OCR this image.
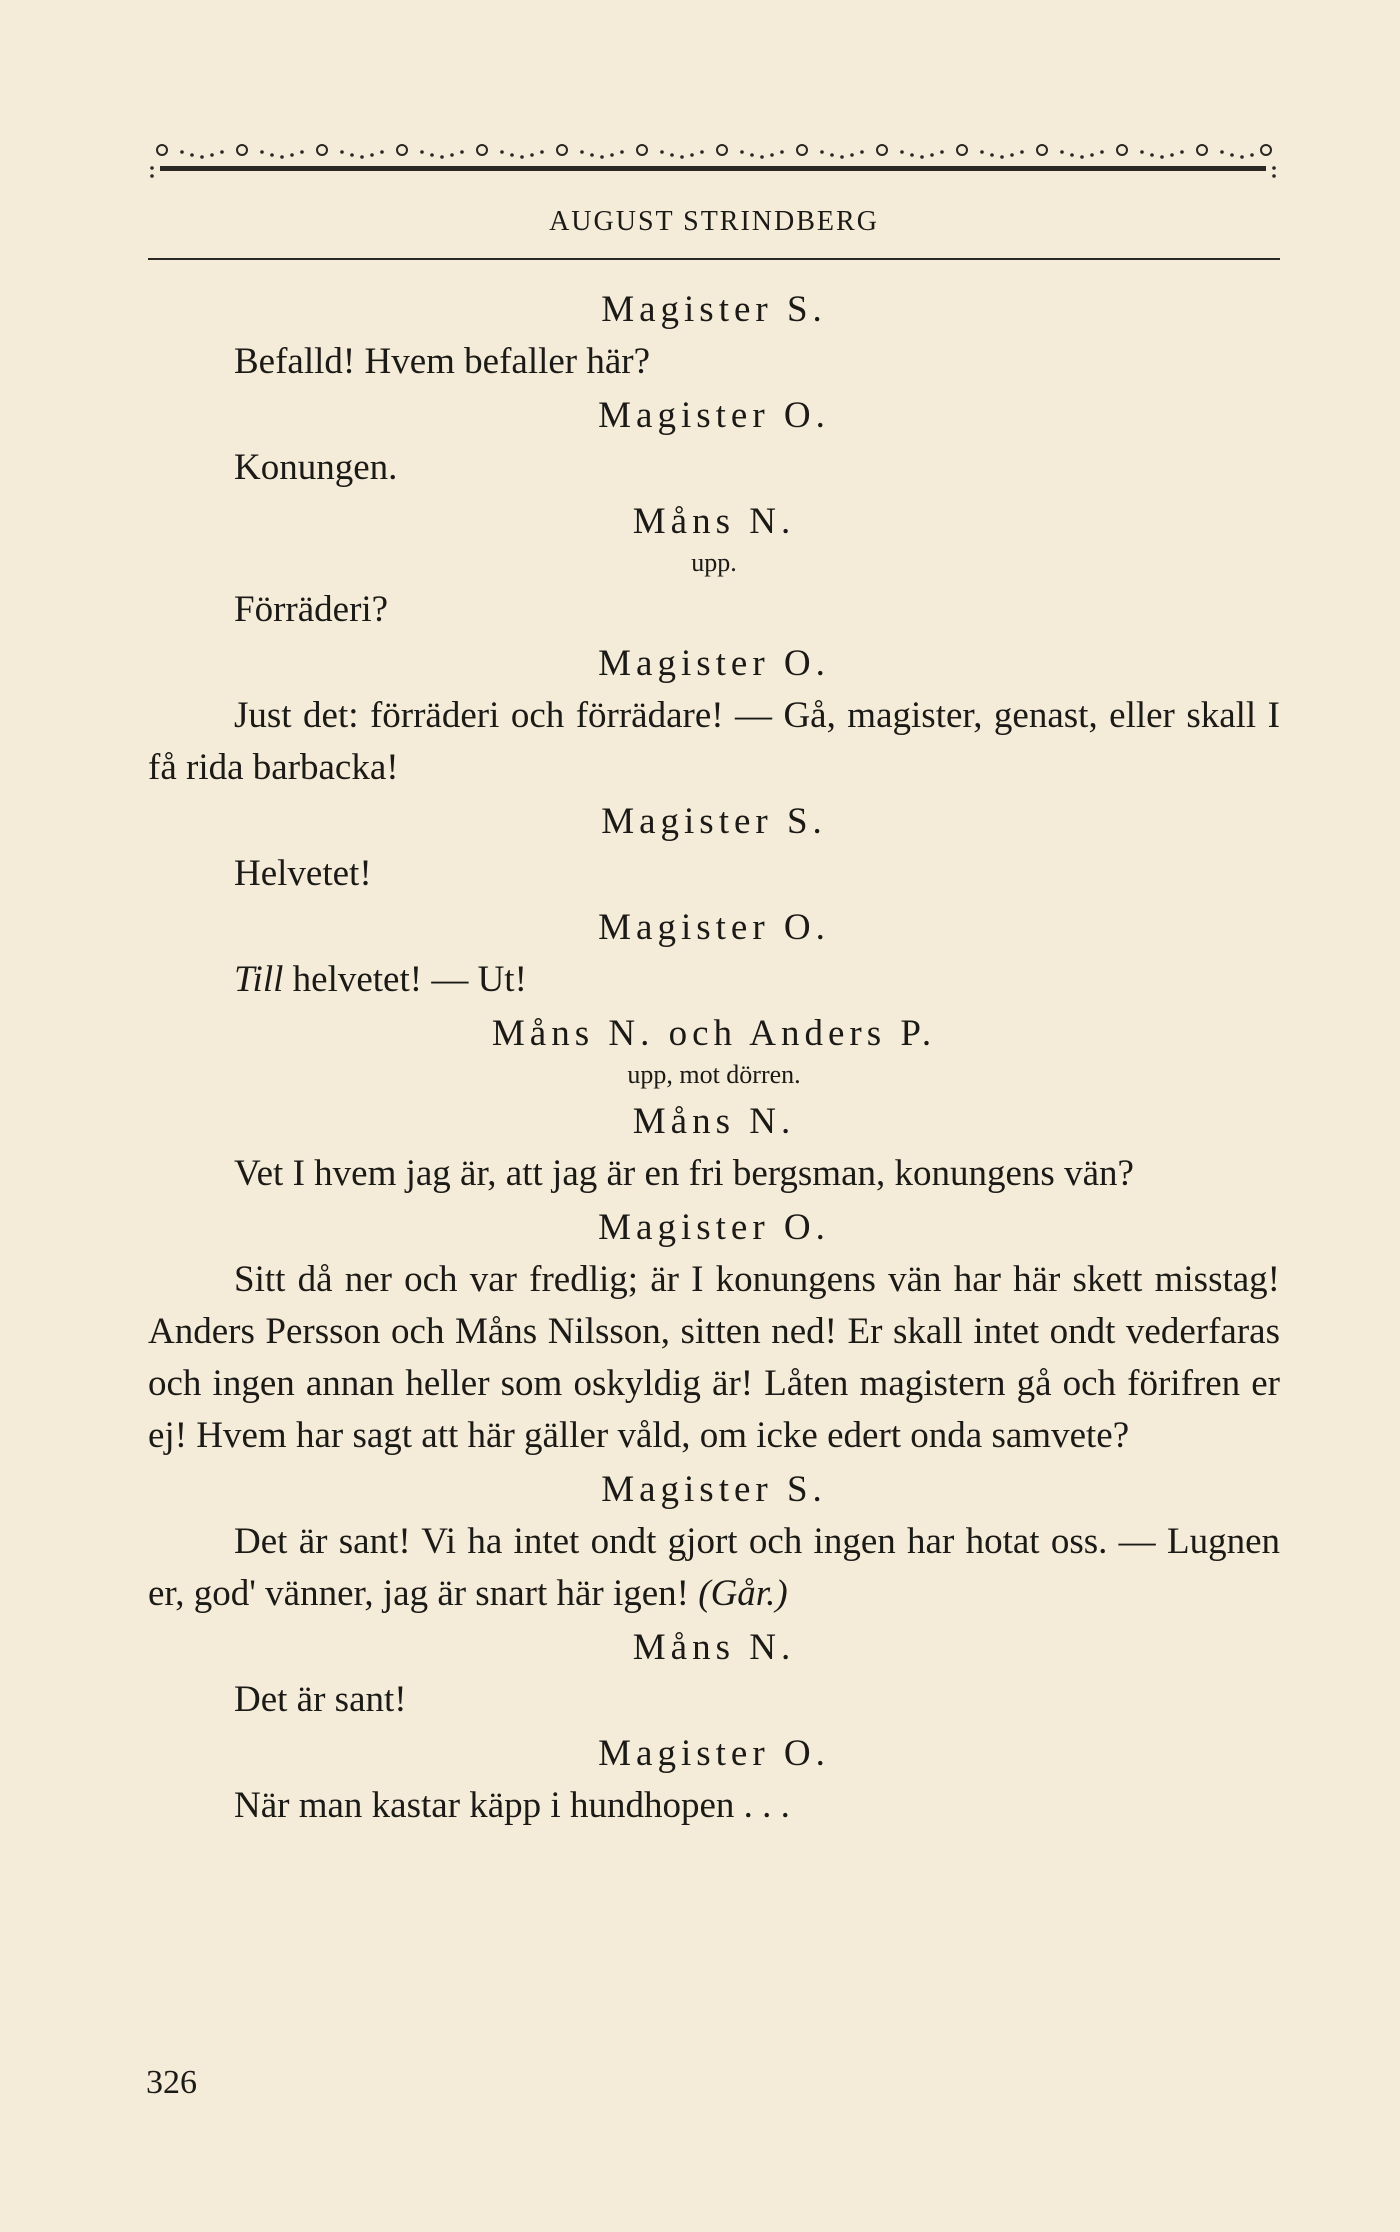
AUGUST STRINDBERG
Magister S.

Befalld! Hvem befaller här?

Magister O.

Konungen.

Måns N.
upp.

Förräderi?

Magister O.

Just det: förräderi och förrädare! — Gå, magister, genast, eller skall I få rida barbacka!

Magister S.

Helvetet!

Magister O.

Till helvetet! — Ut!

Måns N. och Anders P.
upp, mot dörren.
Måns N.

Vet I hvem jag är, att jag är en fri bergsman, konungens vän?

Magister O.

Sitt då ner och var fredlig; är I konungens vän har här skett misstag! Anders Persson och Måns Nilsson, sitten ned! Er skall intet ondt vederfaras och ingen annan heller som oskyldig är! Låten magistern gå och förifren er ej! Hvem har sagt att här gäller våld, om icke edert onda samvete?

Magister S.

Det är sant! Vi ha intet ondt gjort och ingen har hotat oss. — Lugnen er, god' vänner, jag är snart här igen! (Går.)

Måns N.

Det är sant!

Magister O.

När man kastar käpp i hundhopen . . .

326
